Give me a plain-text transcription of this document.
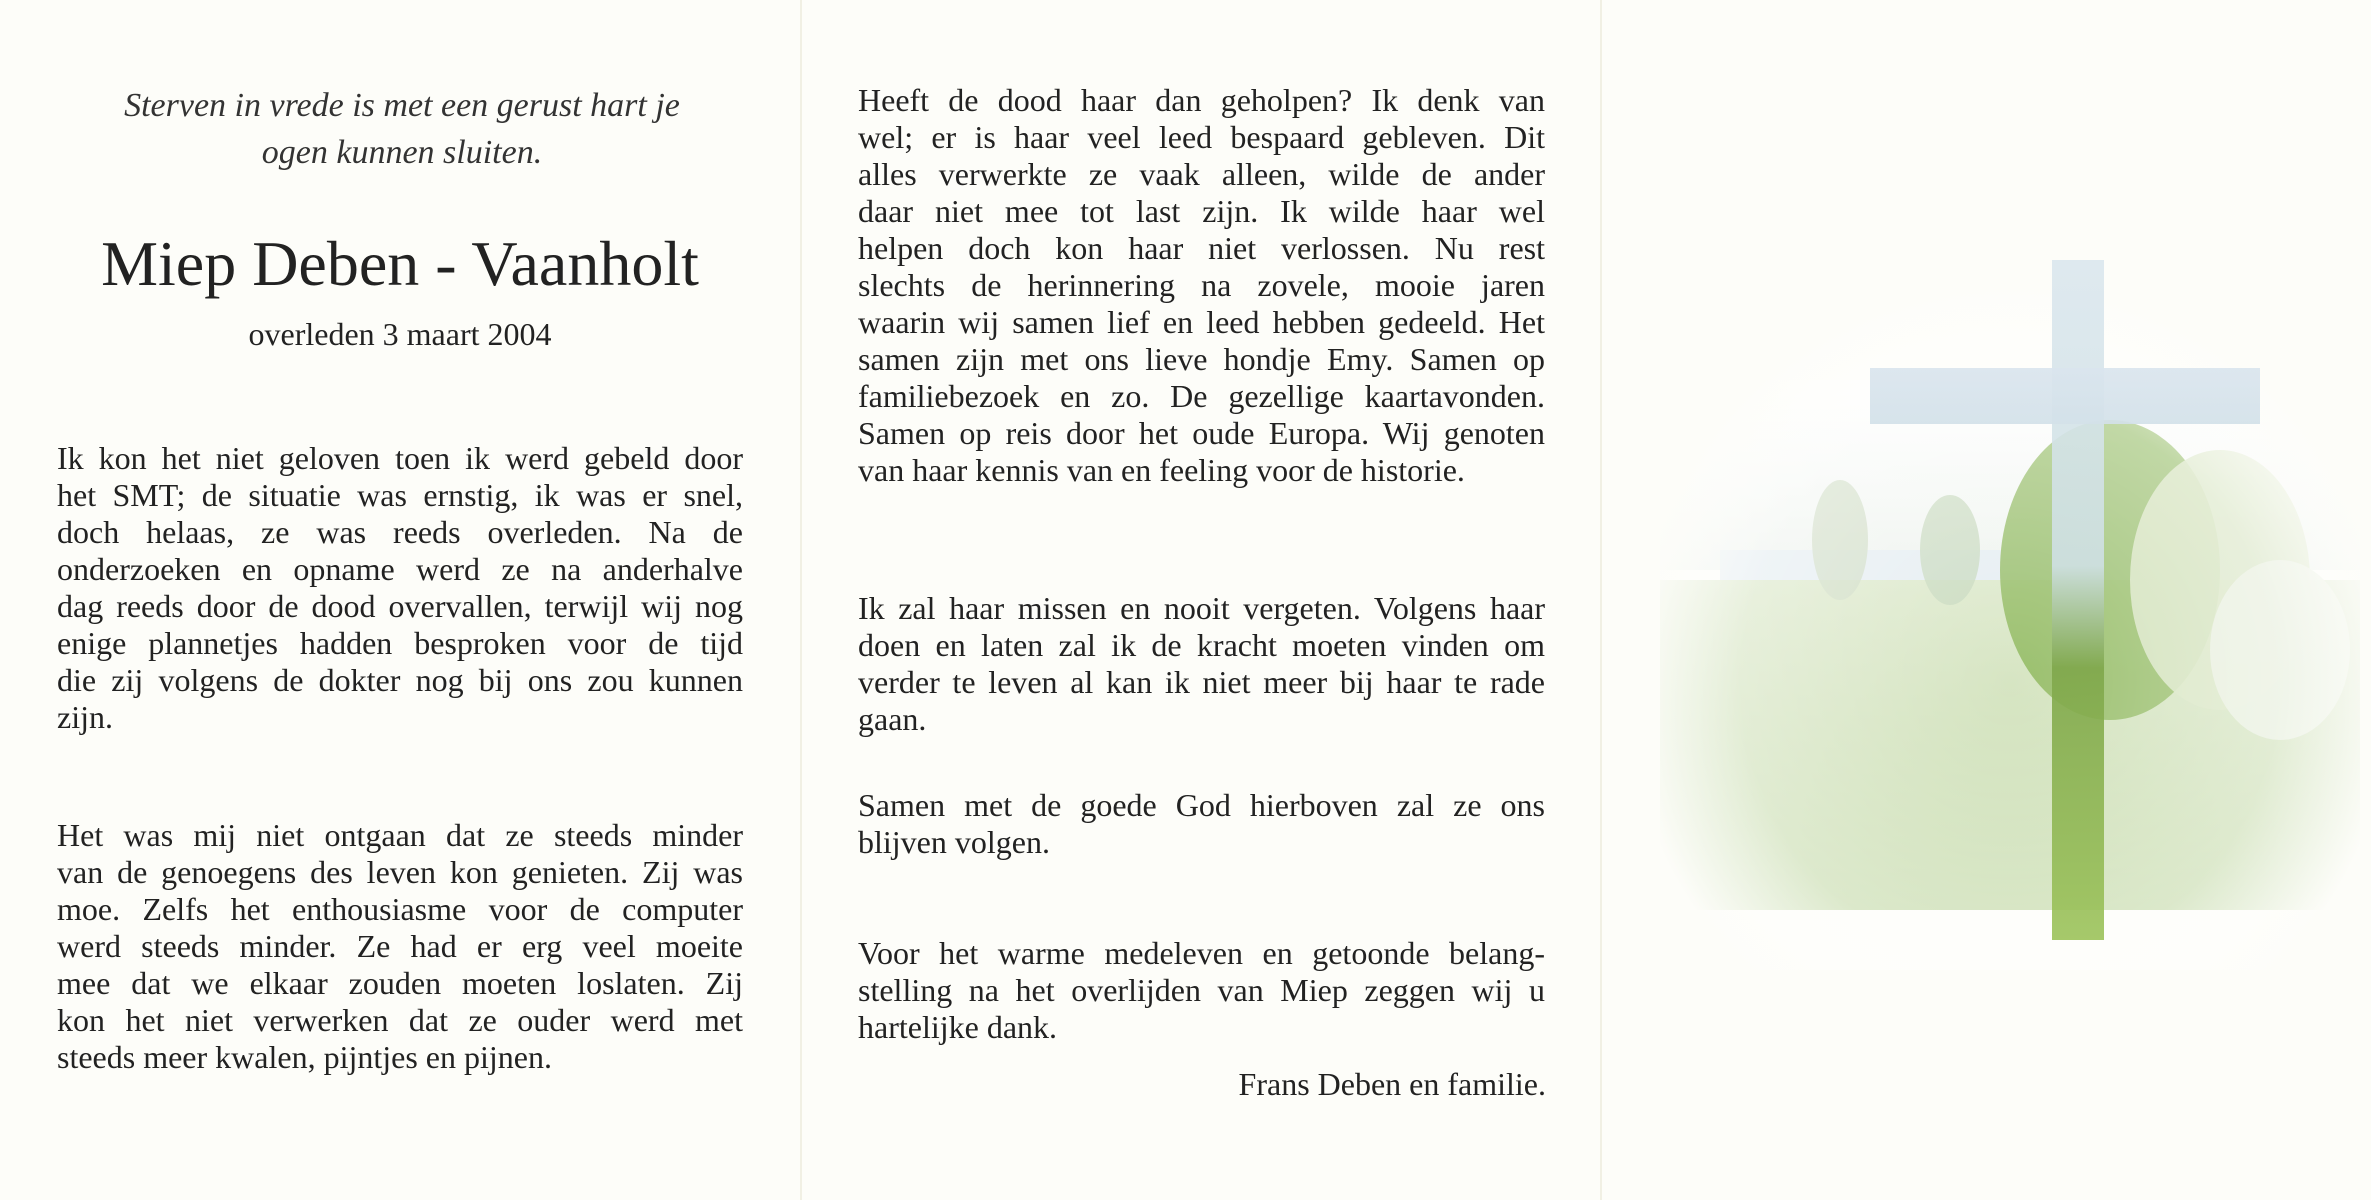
Sterven in vrede is met een gerust hart je
ogen kunnen sluiten.
Miep Deben - Vaanholt
overleden 3 maart 2004
Ik kon het niet geloven toen ik werd gebeld door
het SMT; de situatie was ernstig, ik was er snel,
doch helaas, ze was reeds overleden. Na de
onderzoeken en opname werd ze na anderhalve
dag reeds door de dood overvallen, terwijl wij nog
enige plannetjes hadden besproken voor de tijd
die zij volgens de dokter nog bij ons zou kunnen
zijn.
Het was mij niet ontgaan dat ze steeds minder
van de genoegens des leven kon genieten. Zij was
moe. Zelfs het enthousiasme voor de computer
werd steeds minder. Ze had er erg veel moeite
mee dat we elkaar zouden moeten loslaten. Zij
kon het niet verwerken dat ze ouder werd met
steeds meer kwalen, pijntjes en pijnen.
Heeft de dood haar dan geholpen? Ik denk van
wel; er is haar veel leed bespaard gebleven. Dit
alles verwerkte ze vaak alleen, wilde de ander
daar niet mee tot last zijn. Ik wilde haar wel
helpen doch kon haar niet verlossen. Nu rest
slechts de herinnering na zovele, mooie jaren
waarin wij samen lief en leed hebben gedeeld. Het
samen zijn met ons lieve hondje Emy. Samen op
familiebezoek en zo. De gezellige kaartavonden.
Samen op reis door het oude Europa. Wij genoten
van haar kennis van en feeling voor de historie.
Ik zal haar missen en nooit vergeten. Volgens haar
doen en laten zal ik de kracht moeten vinden om
verder te leven al kan ik niet meer bij haar te rade
gaan.
Samen met de goede God hierboven zal ze ons
blijven volgen.
Voor het warme medeleven en getoonde belang-
stelling na het overlijden van Miep zeggen wij u
hartelijke dank.
Frans Deben en familie.
